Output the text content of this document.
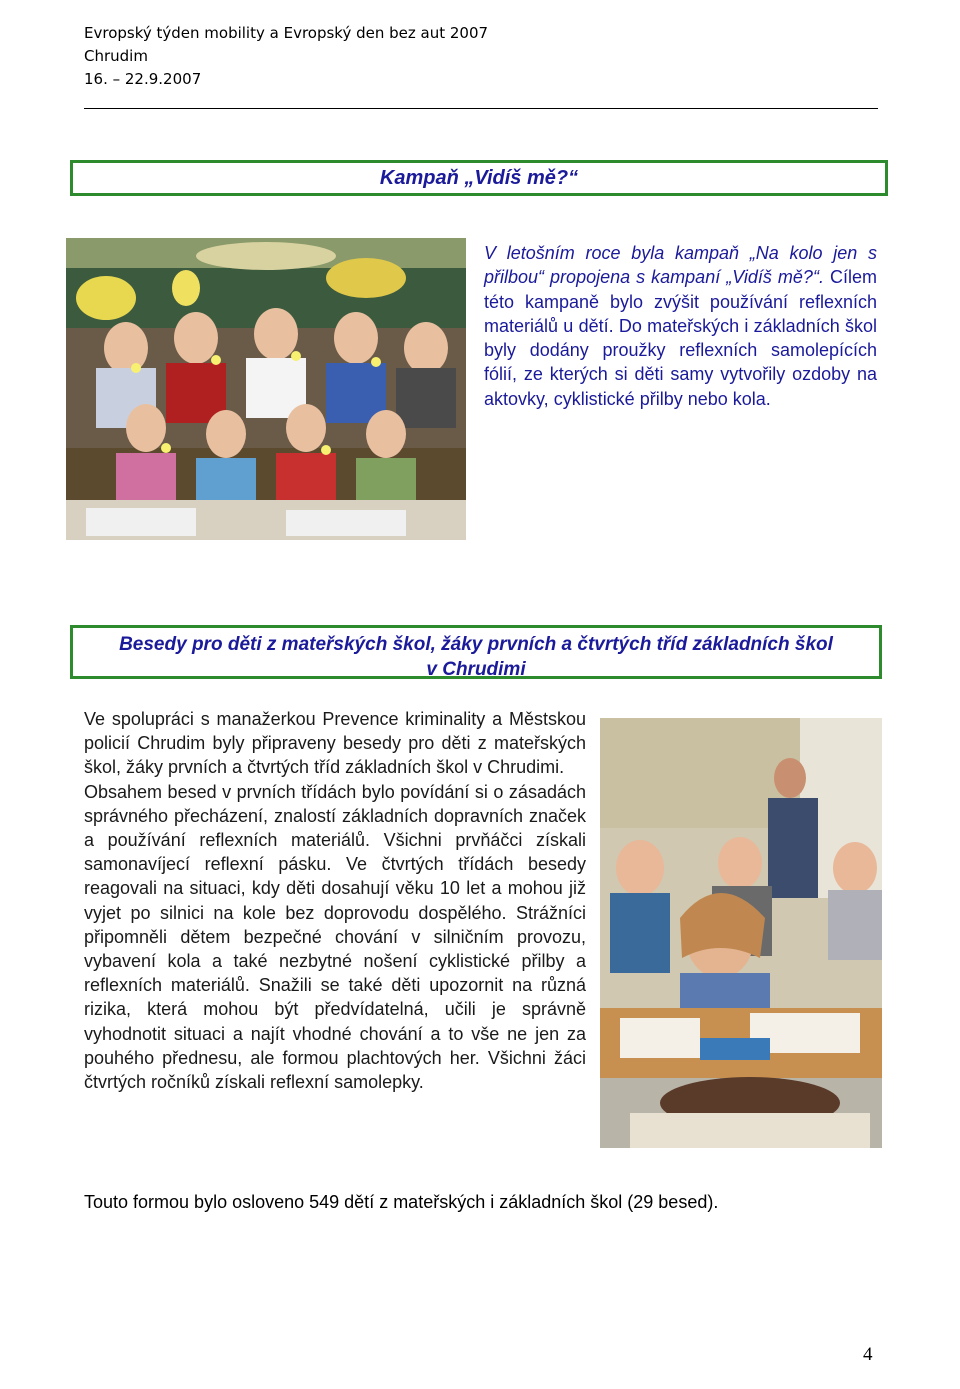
Evropský týden mobility a Evropský den bez aut 2007
Chrudim
16. – 22.9.2007
Kampaň „Vidíš mě?“
V letošním roce byla kampaň „Na kolo jen s přilbou“ propojena s kampaní „Vidíš mě?“. Cílem této kampaně bylo zvýšit používání reflexních materiálů u dětí. Do mateřských i základních škol byly dodány proužky reflexních samolepících fólií, ze kterých si děti samy vytvořily ozdoby na aktovky, cyklistické přilby nebo kola.
Besedy pro děti z mateřských škol, žáky prvních a čtvrtých tříd základních škol
v Chrudimi

Ve spolupráci s manažerkou Prevence kriminality a Městskou policií Chrudim byly připraveny besedy pro děti z mateřských škol, žáky prvních a čtvrtých tříd základních škol v Chrudimi.

Obsahem besed v prvních třídách bylo povídání si o zásadách správného přecházení, znalostí základních dopravních značek a používání reflexních materiálů. Všichni prvňáčci získali samonavíjecí reflexní pásku. Ve čtvrtých třídách besedy reagovali na situaci, kdy děti dosahují věku 10 let a mohou již vyjet po silnici na kole bez doprovodu dospělého. Strážníci připomněli dětem bezpečné chování v silničním provozu, vybavení kola a také nezbytné nošení cyklistické přilby a reflexních materiálů. Snažili se také děti upozornit na různá rizika, která mohou být předvídatelná, učili je správně vyhodnotit situaci a najít vhodné chování a to vše ne jen za pouhého přednesu, ale formou plachtových her. Všichni žáci čtvrtých ročníků získali reflexní samolepky.

Touto formou bylo osloveno 549 dětí z mateřských i základních škol (29 besed).
4
